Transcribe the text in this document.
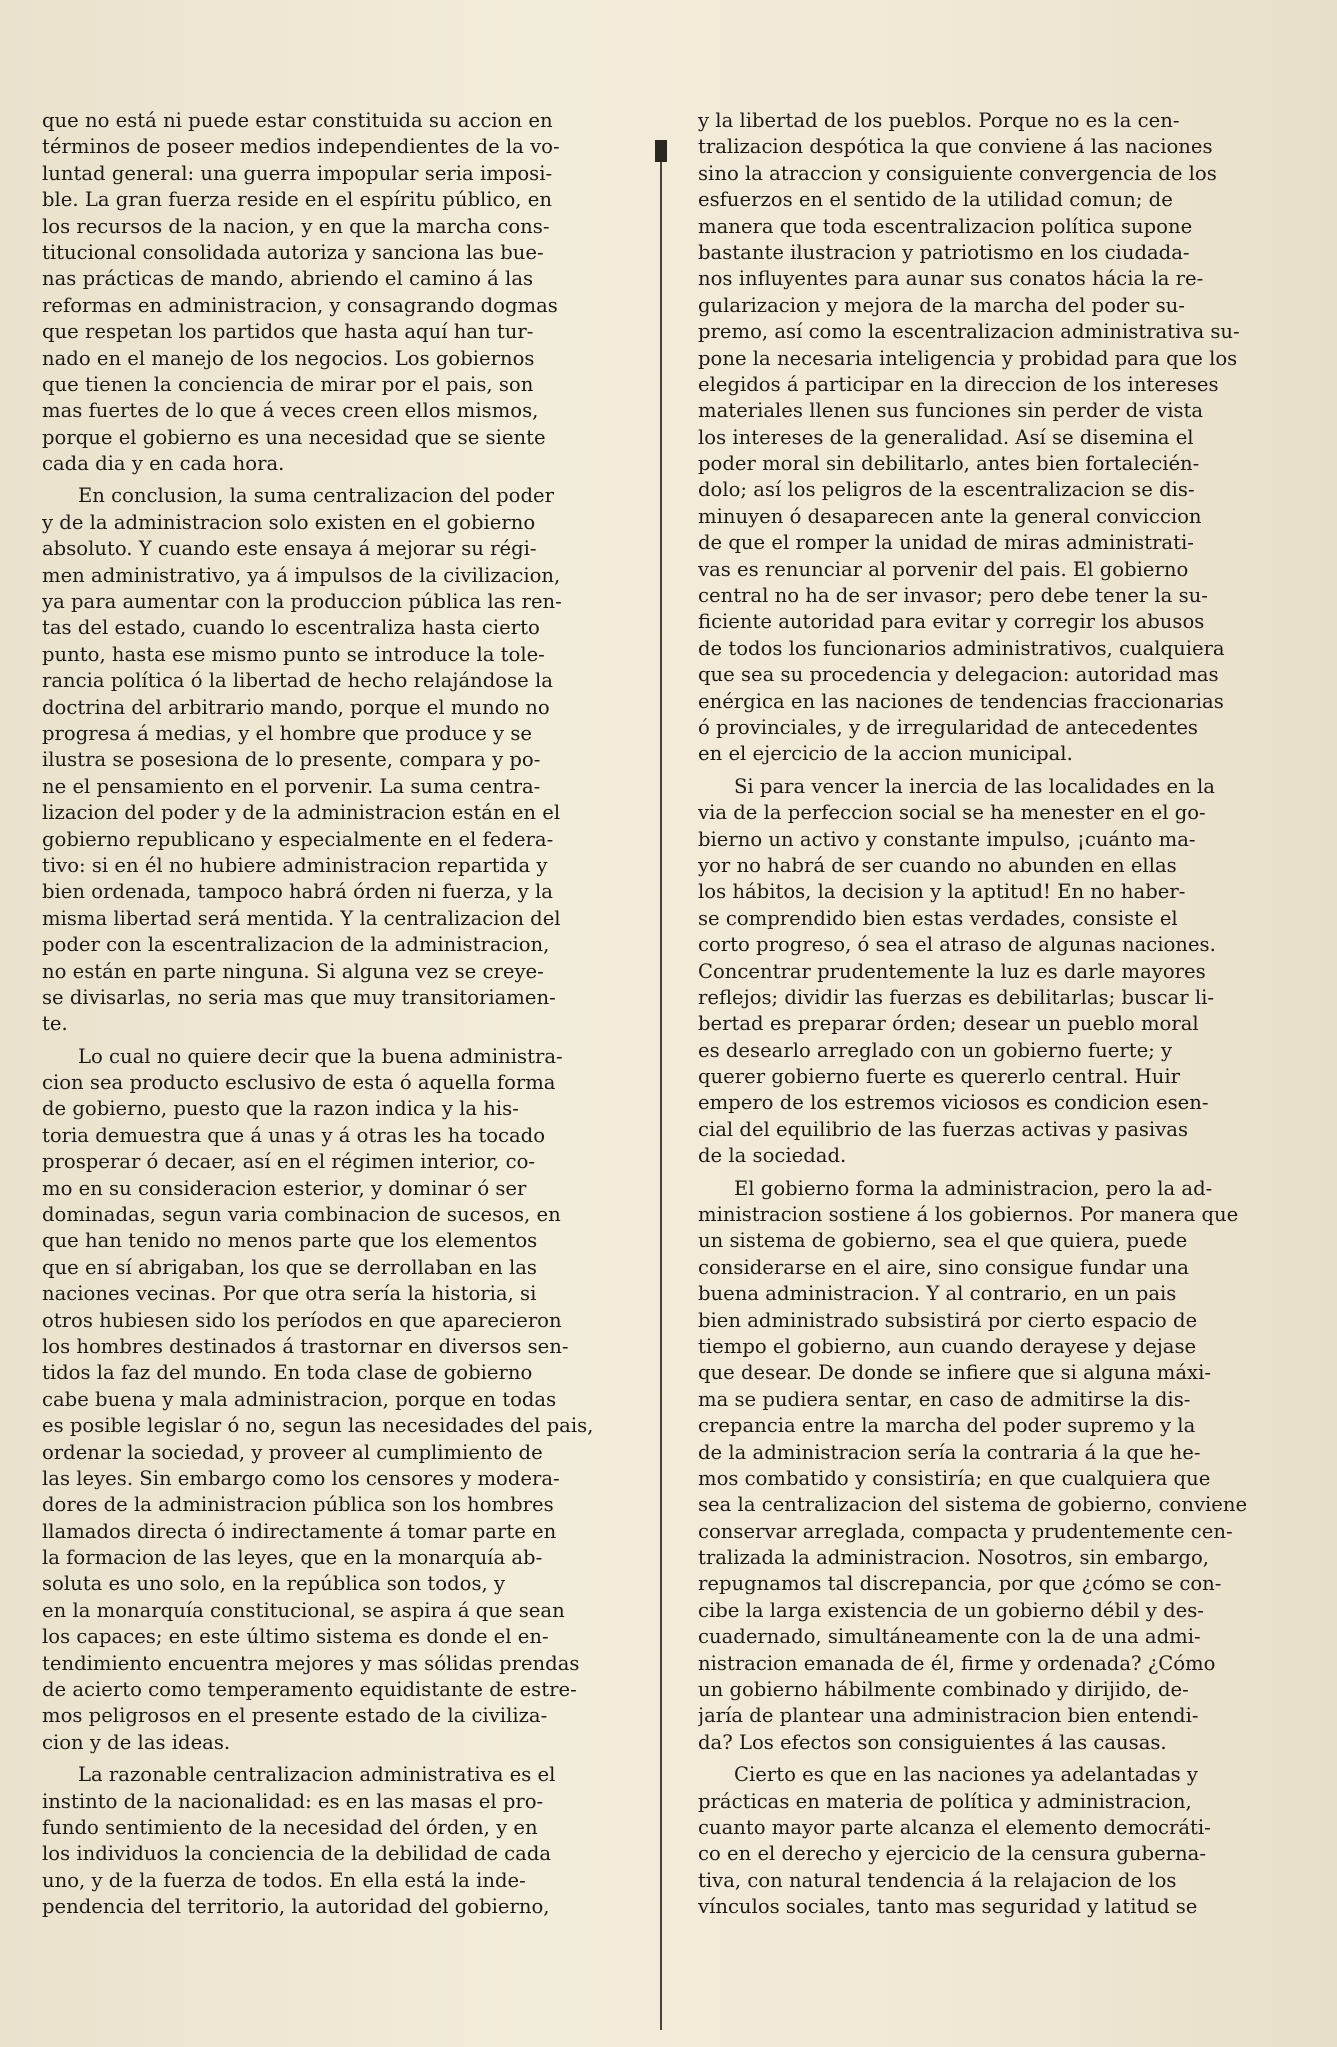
que no está ni puede estar constituida su accion en
términos de poseer medios independientes de la vo-
luntad general: una guerra impopular seria imposi-
ble. La gran fuerza reside en el espíritu público, en
los recursos de la nacion, y en que la marcha cons-
titucional consolidada autoriza y sanciona las bue-
nas prácticas de mando, abriendo el camino á las
reformas en administracion, y consagrando dogmas
que respetan los partidos que hasta aquí han tur-
nado en el manejo de los negocios. Los gobiernos
que tienen la conciencia de mirar por el pais, son
mas fuertes de lo que á veces creen ellos mismos,
porque el gobierno es una necesidad que se siente
cada dia y en cada hora.
En conclusion, la suma centralizacion del poder
y de la administracion solo existen en el gobierno
absoluto. Y cuando este ensaya á mejorar su régi-
men administrativo, ya á impulsos de la civilizacion,
ya para aumentar con la produccion pública las ren-
tas del estado, cuando lo escentraliza hasta cierto
punto, hasta ese mismo punto se introduce la tole-
rancia política ó la libertad de hecho relajándose la
doctrina del arbitrario mando, porque el mundo no
progresa á medias, y el hombre que produce y se
ilustra se posesiona de lo presente, compara y po-
ne el pensamiento en el porvenir. La suma centra-
lizacion del poder y de la administracion están en el
gobierno republicano y especialmente en el federa-
tivo: si en él no hubiere administracion repartida y
bien ordenada, tampoco habrá órden ni fuerza, y la
misma libertad será mentida. Y la centralizacion del
poder con la escentralizacion de la administracion,
no están en parte ninguna. Si alguna vez se creye-
se divisarlas, no seria mas que muy transitoriamen-
te.
Lo cual no quiere decir que la buena administra-
cion sea producto esclusivo de esta ó aquella forma
de gobierno, puesto que la razon indica y la his-
toria demuestra que á unas y á otras les ha tocado
prosperar ó decaer, así en el régimen interior, co-
mo en su consideracion esterior, y dominar ó ser
dominadas, segun varia combinacion de sucesos, en
que han tenido no menos parte que los elementos
que en sí abrigaban, los que se derrollaban en las
naciones vecinas. Por que otra sería la historia, si
otros hubiesen sido los períodos en que aparecieron
los hombres destinados á trastornar en diversos sen-
tidos la faz del mundo. En toda clase de gobierno
cabe buena y mala administracion, porque en todas
es posible legislar ó no, segun las necesidades del pais,
ordenar la sociedad, y proveer al cumplimiento de
las leyes. Sin embargo como los censores y modera-
dores de la administracion pública son los hombres
llamados directa ó indirectamente á tomar parte en
la formacion de las leyes, que en la monarquía ab-
soluta es uno solo, en la república son todos, y
en la monarquía constitucional, se aspira á que sean
los capaces; en este último sistema es donde el en-
tendimiento encuentra mejores y mas sólidas prendas
de acierto como temperamento equidistante de estre-
mos peligrosos en el presente estado de la civiliza-
cion y de las ideas.
La razonable centralizacion administrativa es el
instinto de la nacionalidad: es en las masas el pro-
fundo sentimiento de la necesidad del órden, y en
los individuos la conciencia de la debilidad de cada
uno, y de la fuerza de todos. En ella está la inde-
pendencia del territorio, la autoridad del gobierno,
y la libertad de los pueblos. Porque no es la cen-
tralizacion despótica la que conviene á las naciones
sino la atraccion y consiguiente convergencia de los
esfuerzos en el sentido de la utilidad comun; de
manera que toda escentralizacion política supone
bastante ilustracion y patriotismo en los ciudada-
nos influyentes para aunar sus conatos hácia la re-
gularizacion y mejora de la marcha del poder su-
premo, así como la escentralizacion administrativa su-
pone la necesaria inteligencia y probidad para que los
elegidos á participar en la direccion de los intereses
materiales llenen sus funciones sin perder de vista
los intereses de la generalidad. Así se disemina el
poder moral sin debilitarlo, antes bien fortalecién-
dolo; así los peligros de la escentralizacion se dis-
minuyen ó desaparecen ante la general conviccion
de que el romper la unidad de miras administrati-
vas es renunciar al porvenir del pais. El gobierno
central no ha de ser invasor; pero debe tener la su-
ficiente autoridad para evitar y corregir los abusos
de todos los funcionarios administrativos, cualquiera
que sea su procedencia y delegacion: autoridad mas
enérgica en las naciones de tendencias fraccionarias
ó provinciales, y de irregularidad de antecedentes
en el ejercicio de la accion municipal.
Si para vencer la inercia de las localidades en la
via de la perfeccion social se ha menester en el go-
bierno un activo y constante impulso, ¡cuánto ma-
yor no habrá de ser cuando no abunden en ellas
los hábitos, la decision y la aptitud! En no haber-
se comprendido bien estas verdades, consiste el
corto progreso, ó sea el atraso de algunas naciones.
Concentrar prudentemente la luz es darle mayores
reflejos; dividir las fuerzas es debilitarlas; buscar li-
bertad es preparar órden; desear un pueblo moral
es desearlo arreglado con un gobierno fuerte; y
querer gobierno fuerte es quererlo central. Huir
empero de los estremos viciosos es condicion esen-
cial del equilibrio de las fuerzas activas y pasivas
de la sociedad.
El gobierno forma la administracion, pero la ad-
ministracion sostiene á los gobiernos. Por manera que
un sistema de gobierno, sea el que quiera, puede
considerarse en el aire, sino consigue fundar una
buena administracion. Y al contrario, en un pais
bien administrado subsistirá por cierto espacio de
tiempo el gobierno, aun cuando derayese y dejase
que desear. De donde se infiere que si alguna máxi-
ma se pudiera sentar, en caso de admitirse la dis-
crepancia entre la marcha del poder supremo y la
de la administracion sería la contraria á la que he-
mos combatido y consistiría; en que cualquiera que
sea la centralizacion del sistema de gobierno, conviene
conservar arreglada, compacta y prudentemente cen-
tralizada la administracion. Nosotros, sin embargo,
repugnamos tal discrepancia, por que ¿cómo se con-
cibe la larga existencia de un gobierno débil y des-
cuadernado, simultáneamente con la de una admi-
nistracion emanada de él, firme y ordenada? ¿Cómo
un gobierno hábilmente combinado y dirijido, de-
jaría de plantear una administracion bien entendi-
da? Los efectos son consiguientes á las causas.
Cierto es que en las naciones ya adelantadas y
prácticas en materia de política y administracion,
cuanto mayor parte alcanza el elemento democráti-
co en el derecho y ejercicio de la censura guberna-
tiva, con natural tendencia á la relajacion de los
vínculos sociales, tanto mas seguridad y latitud se
